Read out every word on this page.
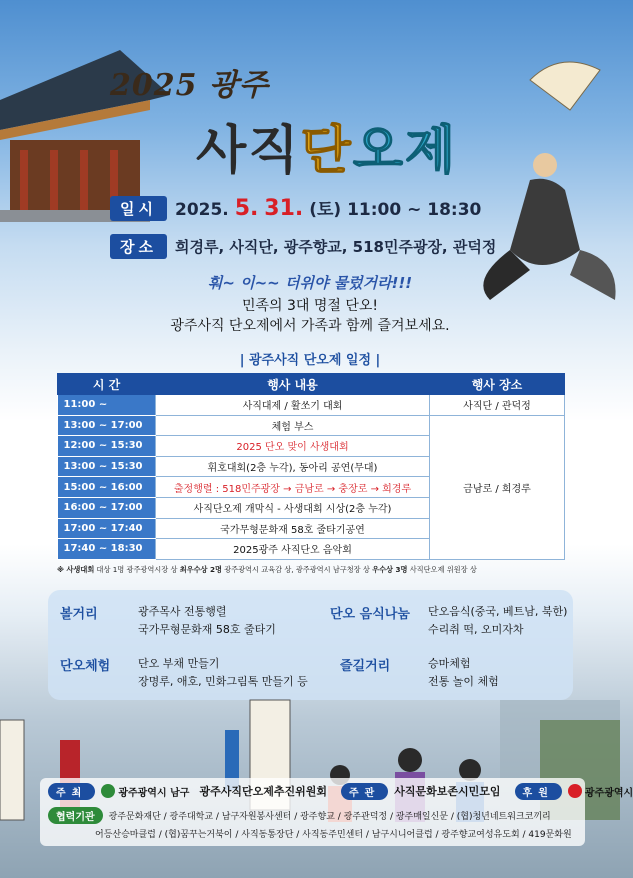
2025 광주
사직단오제
일시	2025. 5. 31. (토) 11:00 ~ 18:30
장소	희경루, 사직단, 광주향교, 518민주광장, 관덕정
훠~ 이~~ 더위야 물렀거라!!!
민족의 3대 명절 단오!
광주사직 단오제에서 가족과 함께 즐겨보세요.
| 광주사직 단오제 일정 |
시 간	행사 내용	행사 장소
11:00 ~	사직대제 / 활쏘기 대회	사직단 / 관덕정
13:00 ~ 17:00	체험 부스	금남로 / 희경루
12:00 ~ 15:30	2025 단오 맞이 사생대회	
13:00 ~ 15:30	휘호대회(2층 누각), 동아리 공연(무대)	
15:00 ~ 16:00	출정행렬 : 518민주광장 → 금남로 → 충장로 → 희경루	
16:00 ~ 17:00	사직단오제 개막식 - 사생대회 시상(2층 누각)	
17:00 ~ 17:40	국가무형문화재 58호 줄타기공연	
17:40 ~ 18:30	2025광주 사직단오 음악회	
※ 사생대회 대상 1명 광주광역시장 상 최우수상 2명 광주광역시 교육감 상, 광주광역시 남구청장 상 우수상 3명 사직단오제 위원장 상
볼거리	광주목사 전통행렬
국가무형문화재 58호 줄타기
단오 음식나눔 단오음식(중국, 베트남, 북한)
수리취 떡, 오미자차
단오체험	단오 부채 만들기
장명루, 애호, 민화그림톡 만들기 등
즐길거리	승마체험
전통 놀이 체험
주최	광주광역시 남구 광주사직단오제추진위원회	주관	사직문화보존시민모임	후원	광주광역시
협력기관	광주문화재단 / 광주대학교 / 남구자원봉사센터 / 광주향교 / 광주관덕정 / 광주매일신문 / (협)청년네트워크코끼리
어등산승마클럽 / (협)꿈꾸는거북이 / 사직동통장단 / 사직동주민센터 / 남구시니어클럽 / 광주향교여성유도회 / 419문화원
